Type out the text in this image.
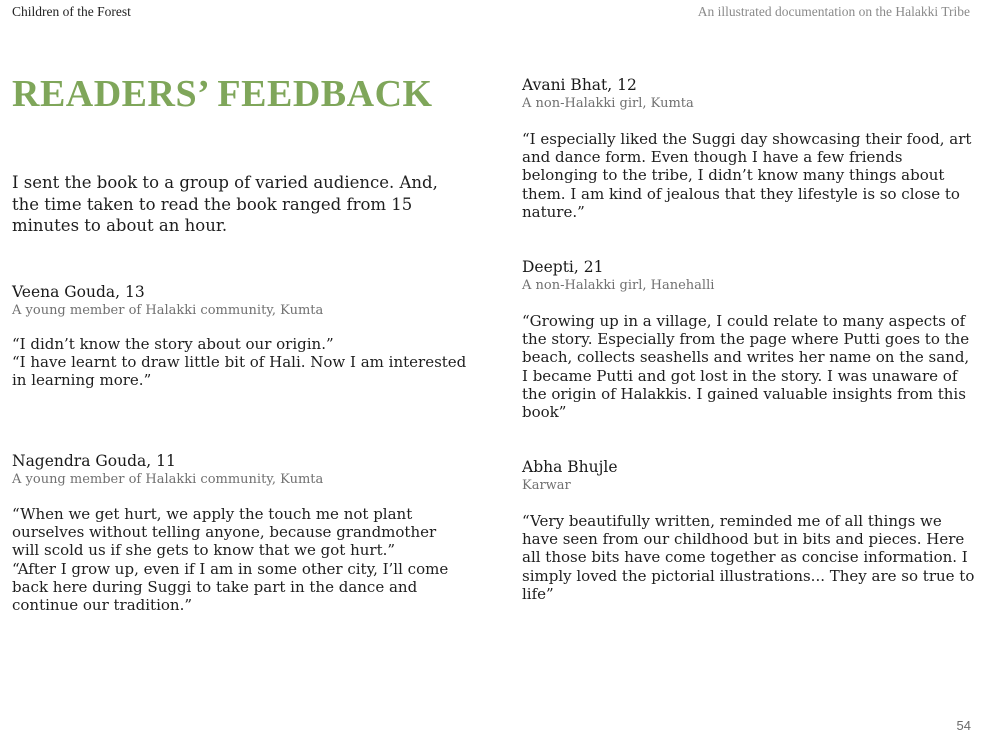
Children of the Forest	An illustrated documentation on the Halakki Tribe
READERS’ FEEDBACK

I sent the book to a group of varied audience. And, the time taken to read the book ranged from 15 minutes to about an hour.

Veena Gouda, 13

A young member of Halakki community, Kumta

“I didn’t know the story about our origin.”

“I have learnt to draw little bit of Hali. Now I am interested in learning more.”

Nagendra Gouda, 11

A young member of Halakki community, Kumta

“When we get hurt, we apply the touch me not plant ourselves without telling anyone, because grandmother will scold us if she gets to know that we got hurt.”

“After I grow up, even if I am in some other city, I’ll come back here during Suggi to take part in the dance and continue our tradition.”

Avani Bhat, 12

A non-Halakki girl, Kumta

“I especially liked the Suggi day showcasing their food, art and dance form. Even though I have a few friends belonging to the tribe, I didn’t know many things about them. I am kind of jealous that they lifestyle is so close to nature.”

Deepti, 21

A non-Halakki girl, Hanehalli

“Growing up in a village, I could relate to many aspects of the story. Especially from the page where Putti goes to the beach, collects seashells and writes her name on the sand, I became Putti and got lost in the story. I was unaware of the origin of Halakkis. I gained valuable insights from this book”

Abha Bhujle

Karwar

“Very beautifully written, reminded me of all things we have seen from our childhood but in bits and pieces. Here all those bits have come together as concise information. I simply loved the pictorial illustrations... They are so true to life”

54
